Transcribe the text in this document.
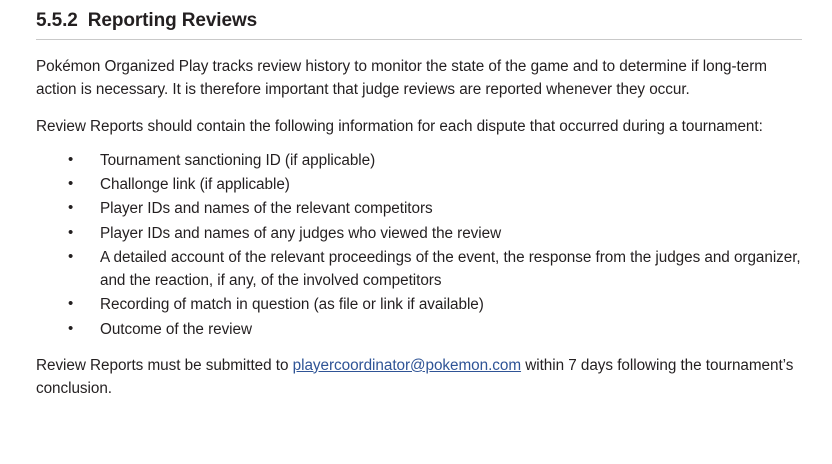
5.5.2 Reporting Reviews

Pokémon Organized Play tracks review history to monitor the state of the game and to determine if long-term action is necessary. It is therefore important that judge reviews are reported whenever they occur.

Review Reports should contain the following information for each dispute that occurred during a tournament:

• Tournament sanctioning ID (if applicable)
• Challonge link (if applicable)
• Player IDs and names of the relevant competitors
• Player IDs and names of any judges who viewed the review
• A detailed account of the relevant proceedings of the event, the response from the judges and organizer, and the reaction, if any, of the involved competitors
• Recording of match in question (as file or link if available)
• Outcome of the review

Review Reports must be submitted to playercoordinator@pokemon.com within 7 days following the tournament’s conclusion.
